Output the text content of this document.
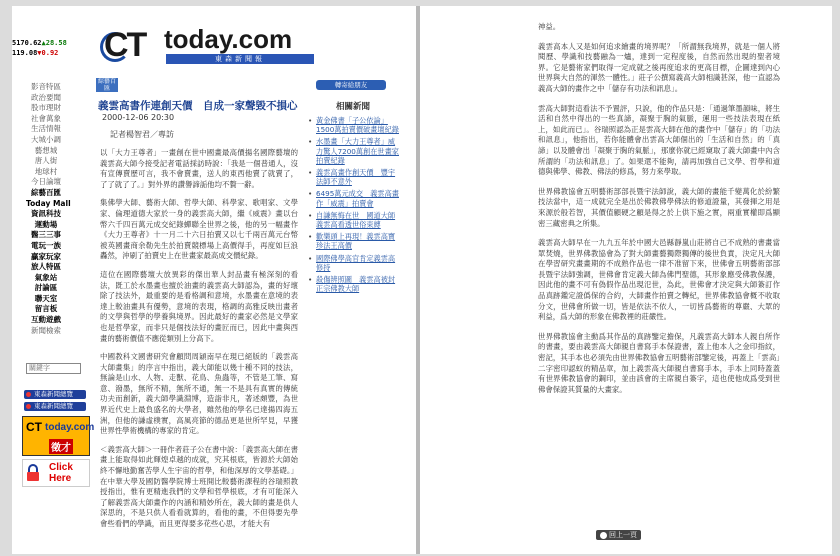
5170.62▲28.58
119.08▼0.92
影音特區
政治要聞
股市理財
社會萬象
生活情報
大城小調
藝想城
唐人街
地球村
今日論壇
綜藝百匯
Today Mall
資訊科技
運動場
醫三三事
電玩一族
贏家玩家
旅人特區
氣象站
討論區
聯天室
留言板
互動遊戲
新聞檢索
關鍵字
東森新聞總覽
東森新聞總覽
CT today.com
徵才
Click
Here
CT today.com
東森新聞報
綜藝百匯	轉寄給朋友
義雲高書作連創天價　自成一家聲毀不損心
2000-12-06 20:30
記者楊智君／專訪

以「大力王尊者」一畫創在世中國畫最高價揚名國際藝壇的義雲高大師今接受記者電話採訪時說：「我是一個普通人，沒有宣傳賣歷可言，我不會賣畫，送人的東西他賣了就賣了，了了就了了。」對外界的讚譽諦詬他均不贅一辭。

集佛學大師、藝術大師、哲學大師、科學家、歌唱家、文學家、倫理道德大家於一身的義雲高大師，繼《威震》畫以台幣六千四百萬元成交紀錄蟬聯全世界之後，他的另一幅畫作《大力王尊者》十一月二十六日拍賣又以七千兩百萬元台幣被英國畫商余勒先生於拍賣競標場上高價得手，再度如巨浪轟然，沖刷了拍賣史上在世畫家最高成交價紀錄。

這位在國際藝壇大放異彩的傑出華人封品畫有極深刻的看法，既工於水墨畫也擅於油畫的義雲高大師認為，畫的好壞除了技法外，最重要的是看格調和意境，水墨畫在意境的表達上較油畫具有優勢，意境的表現，格調的高雅反映出畫者的文學與哲學的學養與境界。因此最好的畫家必然是文學家也是哲學家，而非只是個技法好的畫匠而已，因此中畫與西畫的藝術價值不應從類別上分高下。

中國教科文國書研究會顧問周穎南早在現已絕版的「義雲高大師畫集」的序言中指出，義大師能以幾十種不同的技法，無論是山水、人物、走獸、花鳥、魚蟲等，不管是工筆、寫意、潑墨，無所不精，無所不通，無一不是具有真實的傳統功夫而創新，義大師學識淵博，造詣非凡，著述頗豐，為世界近代史上最負盛名的大學者，雖然他的學名已達揚四海五洲，但他的謙虛樸實，高風亮節的德品更是世所罕見，早獲世界性學術機構的專家的肯定。

＜義雲高大師＞一冊作者莊子公在書中說：「義雲高大師在書畫上能取得如此輝煌卓越的成就，究其根底，皆源於大師始終不懈地勤奮苦學人生宇宙的哲學，和他深厚的文學基礎。」在中華大學及國防醫學院博士班開比較藝術課程的谷瑞照教授指出，惟有更精進我們的文學和哲學根底，才有可能深入了解義雲高大師畫作的內涵和精妙所在，義大師的畫是供人深思的，不是只供人看看就算的，看他的畫，不但得要先學會些看們的學識，而且更得要多花些心思，才能大有

相關新聞
• 黃金佛書「子公依論」1500萬拍賣價破畫壇紀錄
• 水墨畫「大力王尊者」威力驚人7200萬創在世畫家拍賣紀錄
• 義雲高畫作創天價　豐宇法師不意外
• 6495萬元成交　義雲高畫作「威震」拍賣會
• 自謙無悔在世　國道大師義雲高看透世俗束縛
• 歡樂頭上再現！義雲高寶珍法王高價
• 國際佛學高官肯定義雲高修持
• 殺傷辨照圖　義雲高被封正宗佛教大師

神益。

義雲高本人又是如何追求繪畫的境界呢？「所謂無我境界，就是一個人將閱歷、學識和技藝融為一爐，達到一定程度後，自然而然出現的聖者境界。它是藝術家們取得一定成就之後再度追求的更高目標，企圖達到內心世界與大自然的渾然一體性。」莊子公撰寫義高大師相識甚深，他一直認為義高大師的畫作之中「儲存有功法和訊息」。

雲高大師對這看法不予置評，只說，他的作品只是：「通過筆墨韻味，將生活和自然中得出的一些真諦，凝聚于胸的氣脈，運用一些技法表現在紙上，如此而已」。谷瑞照認為正是雲高大師在他的畫作中「儲存」的「功法和訊息」，他指出，若你能體會出雲高大師個出的「生活和自然」的「真諦」以及體會出「凝聚于胸的氣脈」，那麼你就已經窺取了義大師畫中內含所謂的「功法和訊息」了。如果還不能夠，請再加強自己文學、哲學和道德與佛學、佛教、佛法的修爲，努力來學取。

世界佛教協會五明藝術部部長暨宇法師說，義大師的畫能千變萬化於紛繁技法當中，這一成就完全是出於佛教佛學佛法的修道證量，其發揮之用是來源於般若智，其價值顧硬之顧是得之於上供下施之實，兩重實權即爲顯密三藏密典之所集。

義雲高大師早在一九九五年於中國大邑縣靜嵐山莊將自己不成熟的書畫當眾焚燒，世界佛教協會為了對大師畫藝獨際獨傳的後世負責，決定凡大師在學習研究畫畫期的不成熟作品也一律不准留下來，世佛會五明藝術部部長暨宇法師強調，世佛會肯定義大師為佛門聖德，其形象應受佛教保護，因此他的畫不可有偽假作品出現氾世，為此，世佛會才決定與大師簽訂作品真跡鑑定證僞保的合約，大師畫作拍賣之轉紀，世界佛教協會概不收取分文，世佛會所做一切，皆是依法不依人，一切皆爲藝術的尊嚴、大眾的利益，爲大師的形象在佛教裡的莊嚴性。

世界佛教協會主動爲其作品的真跡鑒定擔保，凡義雲高大師本人親自所作的書畫，要由義雲高大師親自書寫手本保證書，蓋上他本人之金印指紋，密記，其手本也必須先由世界佛教協會五明藝術部鑒定後，再蓋上「雲高」二字密印認蚁的精品章，加上義雲高大師親自書寫手本，手本上同時蓋蓋有世界佛教協會的鋼印，並由該會的主席親自簽字，這也使他成爲受到世佛會保證其質量的大畫家。

回上一頁
